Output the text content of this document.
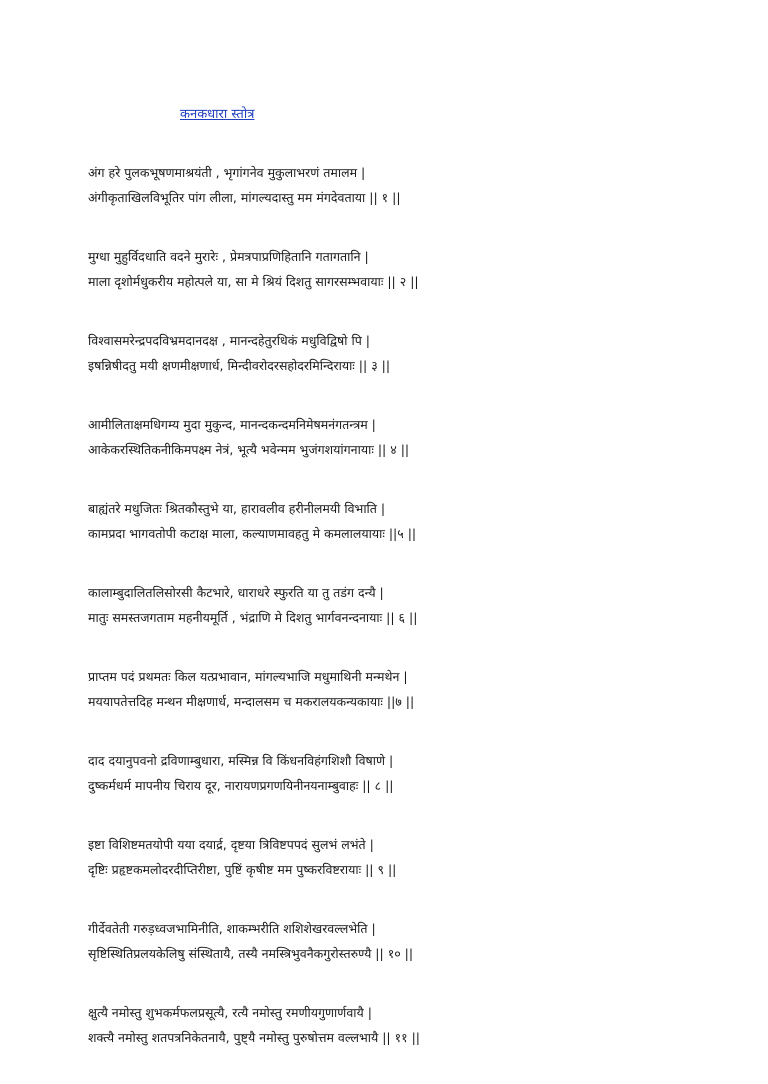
कनकधारा स्तोत्र
अंग हरे पुलकभूषणमाश्रयंती , भृगांगनेव मुकुलाभरणं तमालम |
अंगीकृताखिलविभूतिर पांग लीला, मांगल्यदास्तु मम मंगदेवताया || १ ||
मुग्धा मुहुर्विदधाति वदने मुरारेः , प्रेमत्रपाप्रणिहितानि गतागतानि |
माला दृशोर्मधुकरीय महोत्पले या, सा मे श्रियं दिशतु सागरसम्भवायाः || २ ||
विश्वासमरेन्द्रपदविभ्रमदानदक्ष , मानन्दहेतुरधिकं मधुविद्विषो पि |
इषन्निषीदतु मयी क्षणमीक्षणार्ध, मिन्दीवरोदरसहोदरमिन्दिरायाः || ३ ||
आमीलिताक्षमधिगम्य मुदा मुकुन्द, मानन्दकन्दमनिमेषमनंगतन्त्रम |
आकेकरस्थितिकनीकिमपक्ष्म नेत्रं, भूत्यै भवेन्मम भुजंगशयांगनायाः || ४ ||
बाह्यंतरे मधुजितः श्रितकौस्तुभे या, हारावलीव हरीनीलमयी विभाति |
कामप्रदा भागवतोपी कटाक्ष माला, कल्याणमावहतु मे कमलालयायाः ||५ ||
कालाम्बुदालितलिसोरसी कैटभारे, धाराधरे स्फुरति या तु तडंग दन्यै |
मातुः समस्तजगताम महनीयमूर्ति , भंद्राणि मे दिशतु भार्गवनन्दनायाः || ६ ||
प्राप्तम पदं प्रथमतः किल यत्प्रभावान, मांगल्यभाजि मधुमाथिनी मन्मथेन |
मययापतेत्तदिह मन्थन मीक्षणार्ध, मन्दालसम च मकरालयकन्यकायाः ||७ ||
दाद दयानुपवनो द्रविणाम्बुधारा, मस्मिन्न वि किंधनविहंगशिशौ विषाणे |
दुष्कर्मधर्म मापनीय चिराय दूर, नारायणप्रगणयिनीनयनाम्बुवाहः || ८ ||
इष्टा विशिष्टमतयोपी यया दयार्द्र, दृष्टया त्रिविष्टपपदं सुलभं लभंते |
दृष्टिः प्रहृष्टकमलोदरदीप्तिरीष्टा, पुष्टिं कृषीष्ट मम पुष्करविष्टरायाः || ९ ||
गीर्देवतेती गरुड़ध्वजभामिनीति, शाकम्भरीति शशिशेखरवल्लभेति |
सृष्टिस्थितिप्रलयकेलिषु संस्थितायै, तस्यै नमस्त्रिभुवनैकगुरोस्तरुण्यै || १० ||
क्षुत्यै नमोस्तु शुभकर्मफलप्रसूत्यै, रत्यै नमोस्तु रमणीयगुणार्णवायै |
शक्त्यै नमोस्तु शतपत्रनिकेतनायै, पुष्ट्यै नमोस्तु पुरुषोत्तम वल्लभायै || ११ ||
